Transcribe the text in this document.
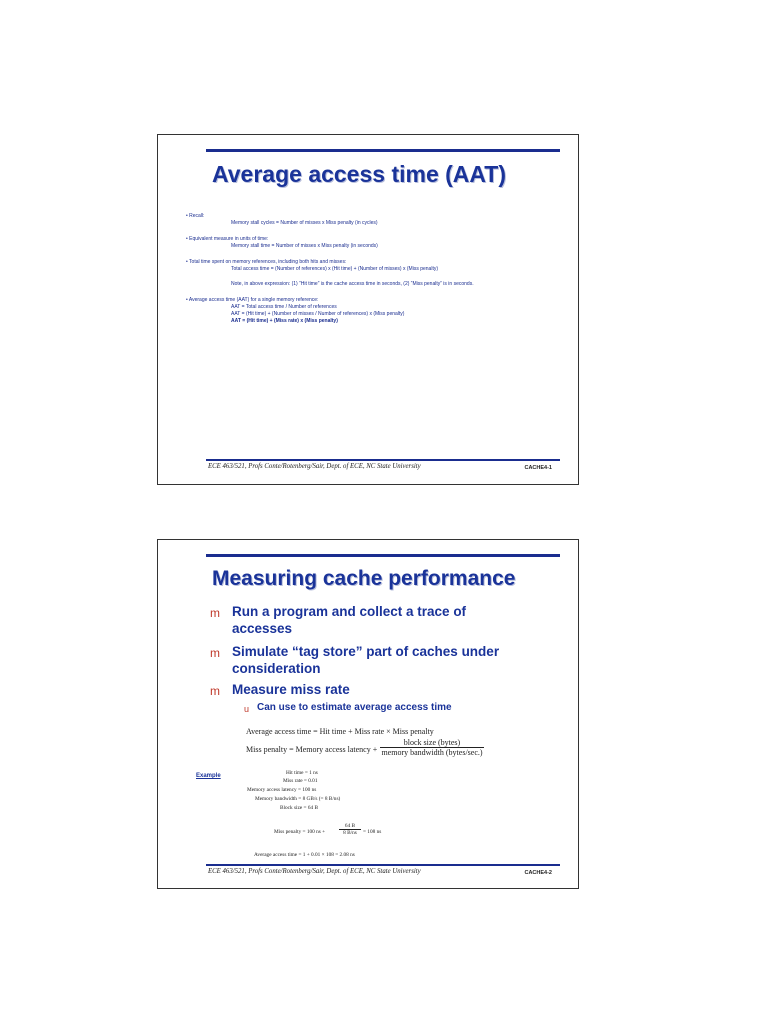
Average access time (AAT)
• Recall:
Memory stall cycles = Number of misses x Miss penalty (in cycles)
• Equivalent measure in units of time:
Memory stall time = Number of misses x Miss penalty (in seconds)
• Total time spent on memory references, including both hits and misses:
Total access time = (Number of references) x (Hit time) + (Number of misses) x (Miss penalty)
Note, in above expression: (1) “Hit time” is the cache access time in seconds, (2) “Miss penalty” is in seconds.
• Average access time (AAT) for a single memory reference:
AAT = Total access time / Number of references
AAT = (Hit time) + (Number of misses / Number of references) x (Miss penalty)
AAT = (Hit time) + (Miss rate) x (Miss penalty)
ECE 463/521, Profs Conte/Rotenberg/Sair, Dept. of ECE, NC State University	CACHE4-1
Measuring cache performance
m Run a program and collect a trace of
accesses
m Simulate “tag store” part of caches under
consideration
m Measure miss rate
u Can use to estimate average access time
Average access time = Hit time + Miss rate × Miss penalty
Miss penalty = Memory access latency +
block size (bytes)
memory bandwidth (bytes/sec.)
Example	Hit time = 1 ns
Miss rate = 0.01
Memory access latency = 100 ns
Memory bandwidth = 8 GB/s (= 8 B/ns)
Block size = 64 B
Miss penalty = 100 ns +
64 B
8 B/ns = 108 ns
Average access time = 1 + 0.01 × 108 = 2.08 ns
ECE 463/521, Profs Conte/Rotenberg/Sair, Dept. of ECE, NC State University	CACHE4-2
